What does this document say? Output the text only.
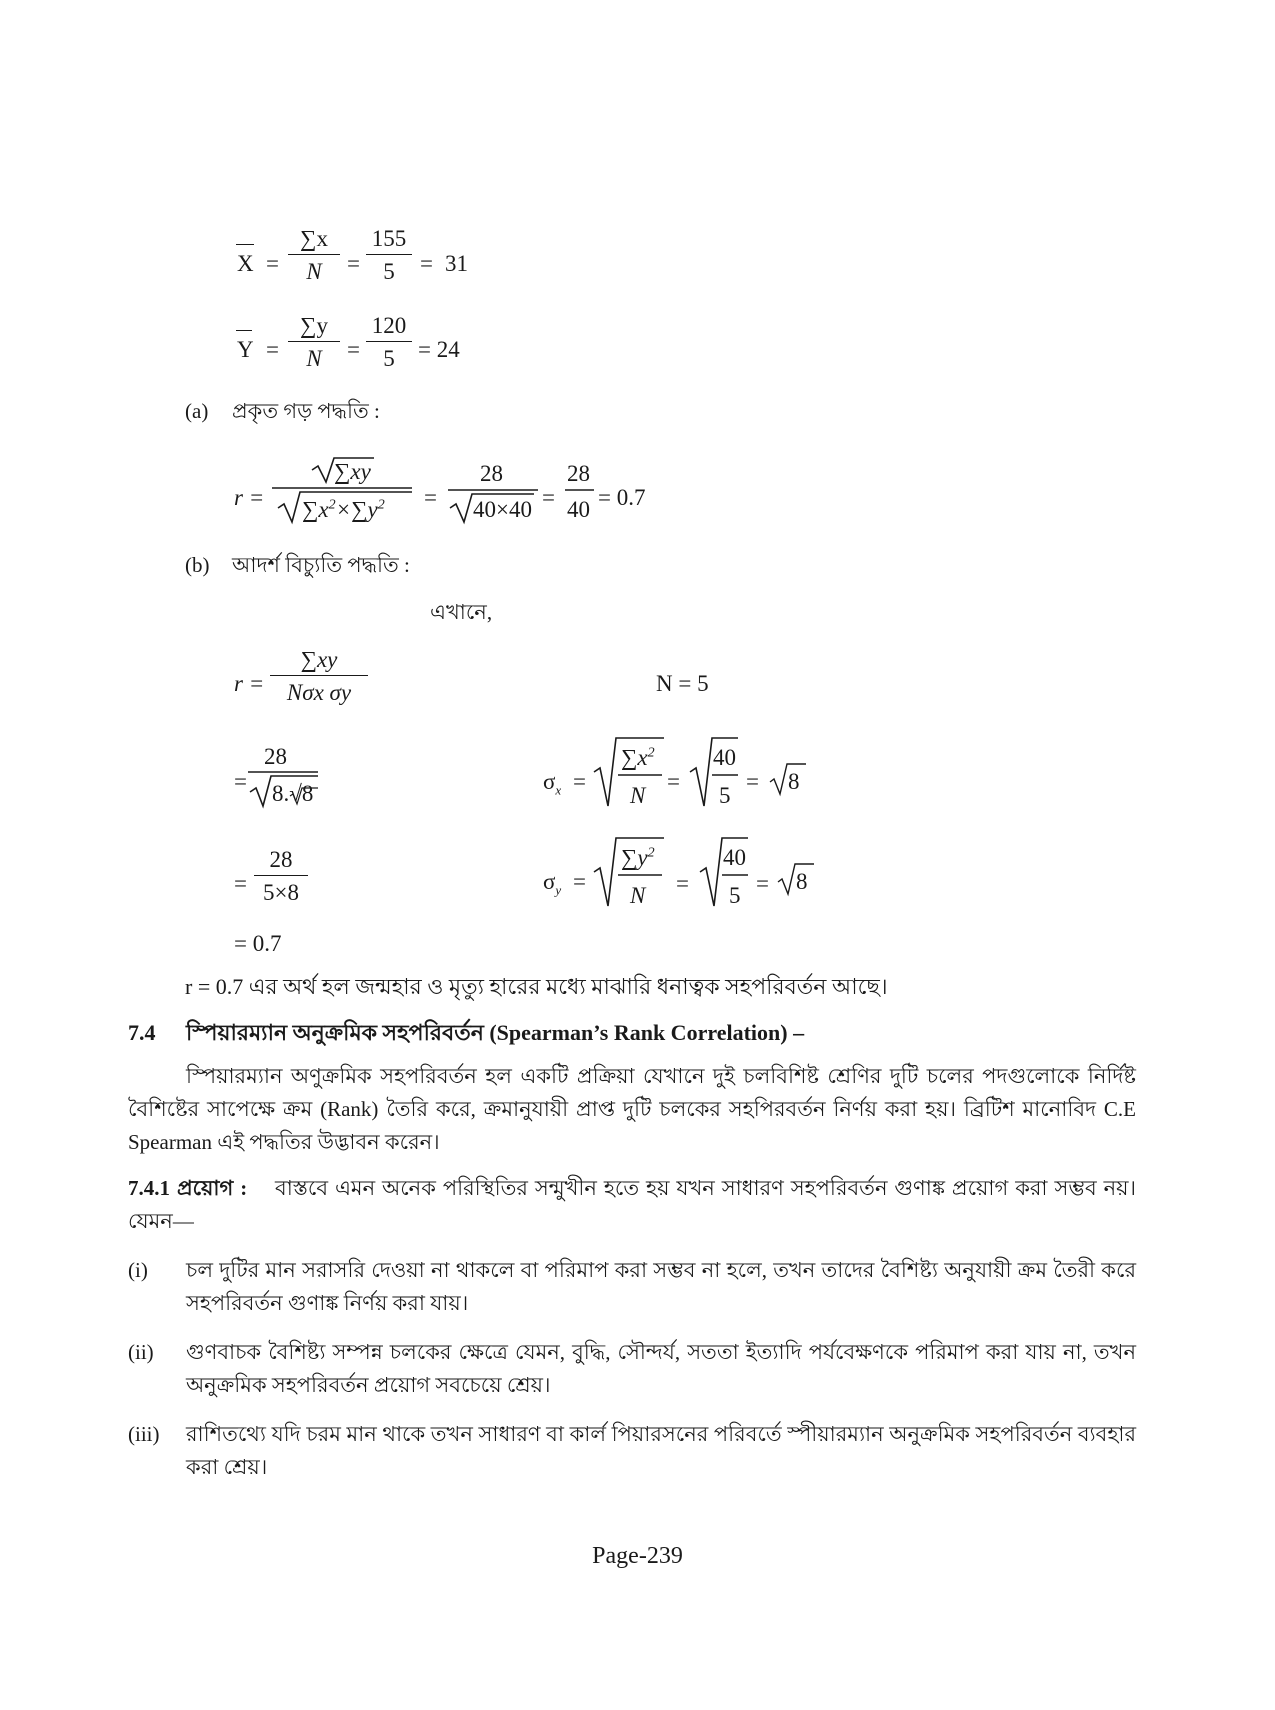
$X = \frac{\sum x}{N} = \frac{155}{5} = 31$
$Y = \frac{\sum y}{N} = \frac{120}{5} = 24$
(a) প্রকৃত গড় পদ্ধতি :
r =
∑xy
$\sum x^2\times\sum y^2$ =
28
40×40 =
28
40 = 0.7
(b) আদর্শ বিচ্যুতি পদ্ধতি :
এখানে,
r =
∑xy
Nσx σy	N = 5
=
28
8.√8	$\sigma_x$ =
$\sum x^2$
N
=
40
5
= 8
= $\frac{28}{5\times 8}$	$\sigma_y$ =
$\sum y^2$
N =
40
5 = 8
= 0.7
r = 0.7 এর অর্থ হল জন্মহার ও মৃত্যু হারের মধ্যে মাঝারি ধনাত্বক সহপরিবর্তন আছে।
7.4 স্পিয়ারম্যান অনুক্রমিক সহপরিবর্তন (Spearman’s Rank Correlation) –
স্পিয়ারম্যান অণুক্রমিক সহপরিবর্তন হল একটি প্রক্রিয়া যেখানে দুই চলবিশিষ্ট শ্রেণির দুটি চলের পদগুলোকে নির্দিষ্ট বৈশিষ্টের সাপেক্ষে ক্রম (Rank) তৈরি করে, ক্রমানুযায়ী প্রাপ্ত দুটি চলকের সহপিরবর্তন নির্ণয় করা হয়। ব্রিটিশ মানোবিদ C.E Spearman এই পদ্ধতির উদ্ভাবন করেন।
7.4.1 প্রয়োগ : বাস্তবে এমন অনেক পরিস্থিতির সন্মুখীন হতে হয় যখন সাধারণ সহপরিবর্তন গুণাঙ্ক প্রয়োগ করা সম্ভব নয়। যেমন—
(i) চল দুটির মান সরাসরি দেওয়া না থাকলে বা পরিমাপ করা সম্ভব না হলে, তখন তাদের বৈশিষ্ট্য অনুযায়ী ক্রম তৈরী করে সহপরিবর্তন গুণাঙ্ক নির্ণয় করা যায়।
(ii) গুণবাচক বৈশিষ্ট্য সম্পন্ন চলকের ক্ষেত্রে যেমন, বুদ্ধি, সৌন্দর্য, সততা ইত্যাদি পর্যবেক্ষণকে পরিমাপ করা যায় না, তখন অনুক্রমিক সহপরিবর্তন প্রয়োগ সবচেয়ে শ্রেয়।
(iii) রাশিতথ্যে যদি চরম মান থাকে তখন সাধারণ বা কার্ল পিয়ারসনের পরিবর্তে স্পীয়ারম্যান অনুক্রমিক সহপরিবর্তন ব্যবহার করা শ্রেয়।
Page-239
